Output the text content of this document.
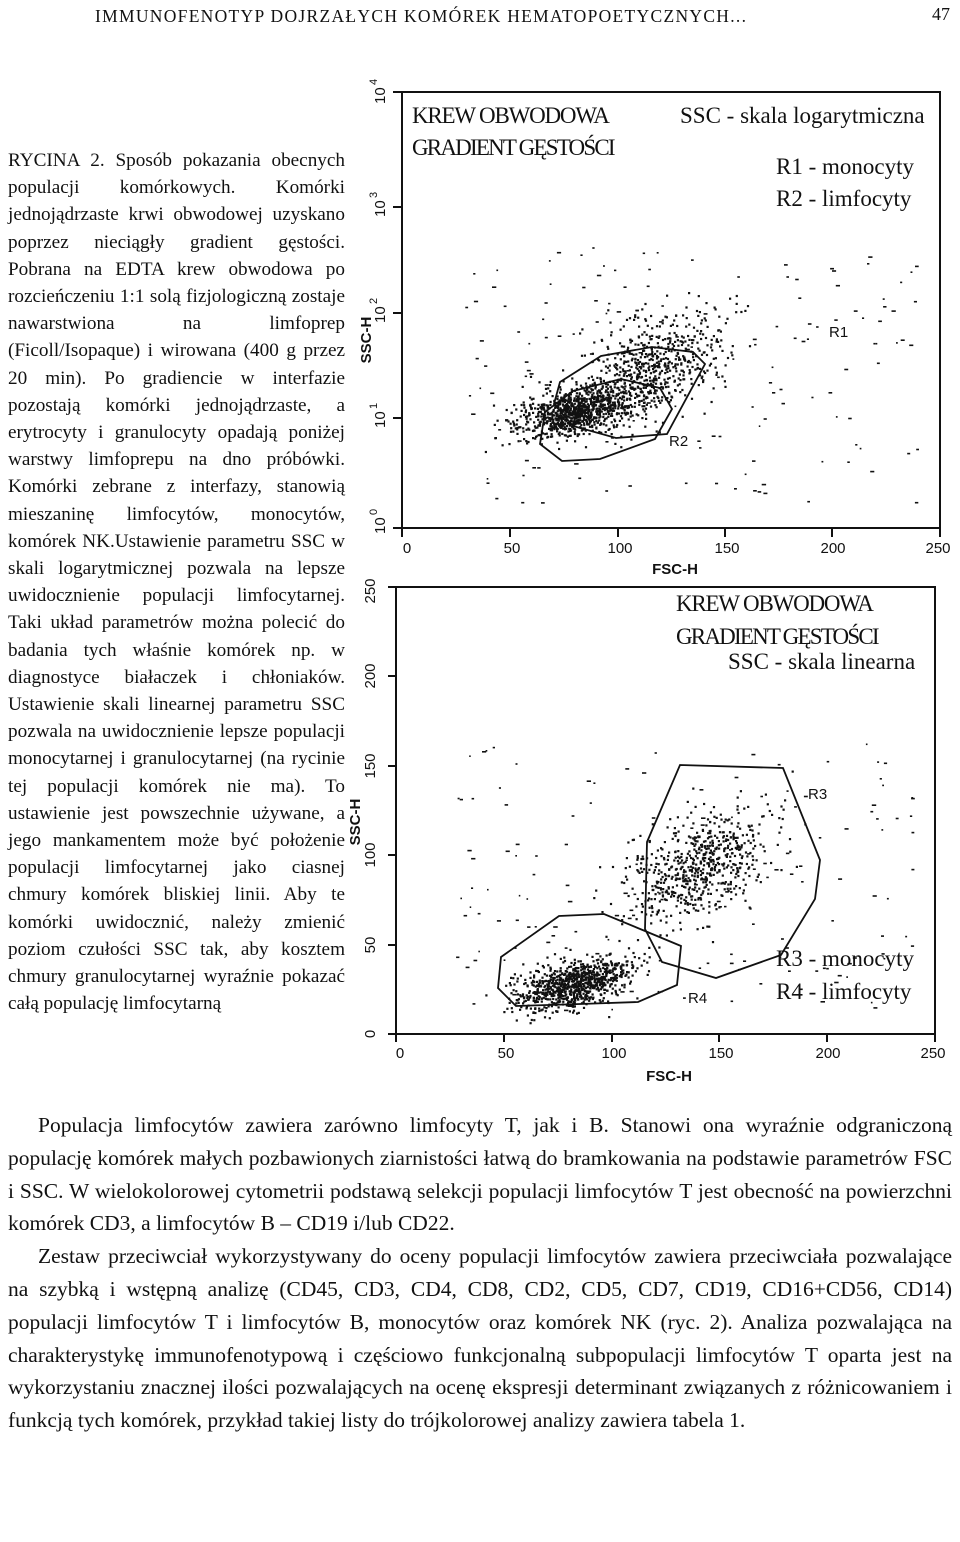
IMMUNOFENOTYP DOJRZAŁYCH KOMÓREK HEMATOPOETYCZNYCH...	47
RYCINA 2. Sposób pokazania obecnych populacji komórkowych. Komórki jednojądrzaste krwi obwodowej uzyskano poprzez nieciągły gradient gęstości. Pobrana na EDTA krew obwodowa po rozcieńczeniu 1:1 solą fizjologiczną zostaje nawarstwiona na limfoprep (Ficoll/Isopaque) i wirowana (400 g przez 20 min). Po gradiencie w interfazie pozostają komórki jednojądrzaste, a erytrocyty i granulocyty opadają poniżej warstwy limfoprepu na dno próbówki. Komórki zebrane z interfazy, stanowią mieszaninę limfocytów, monocytów, komórek NK.Ustawienie parametru SSC w skali logarytmicznej pozwala na lepsze uwidocznienie populacji limfocytarnej. Taki układ parametrów można polecić do badania tych właśnie komórek np. w diagnostyce białaczek i chłoniaków. Ustawienie skali linearnej parametru SSC pozwala na uwidocznienie lepsze populacji monocytarnej i granulocytarnej (na rycinie tej populacji komórek nie ma). To ustawienie jest powszechnie używane, a jego mankamentem może być położenie populacji limfocytarnej jako ciasnej chmury komórek bliskiej linii. Aby te komórki uwidocznić, należy zmienić poziom czułości SSC tak, aby kosztem chmury granulocytarnej wyraźnie pokazać całą populację limfocytarną
10
0
10
1
10
2
10
3
10
4
SSC-H
0	50	100	150	200	250
FSC-H
R1
R2
KREW OBWODOWA
GRADIENT GĘSTOŚCI
SSC - skala logarytmiczna
R1 - monocyty
R2 - limfocyty
0
50
100
150
200
250
SSC-H
0	50	100	150	200	250
FSC-H
R3
R4
KREW OBWODOWA
GRADIENT GĘSTOŚCI
SSC - skala linearna
R3 - monocyty
R4 - limfocyty

Populacja limfocytów zawiera zarówno limfocyty T, jak i B. Stanowi ona wyraźnie odgraniczoną populację komórek małych pozbawionych ziarnistości łatwą do bramkowania na podstawie parametrów FSC i SSC. W wielokolorowej cytometrii podstawą selekcji populacji limfocytów T jest obecność na powierzchni komórek CD3, a limfocytów B – CD19 i/lub CD22.

Zestaw przeciwciał wykorzystywany do oceny populacji limfocytów zawiera przeciwciała pozwalające na szybką i wstępną analizę (CD45, CD3, CD4, CD8, CD2, CD5, CD7, CD19, CD16+CD56, CD14) populacji limfocytów T i limfocytów B, monocytów oraz komórek NK (ryc. 2). Analiza pozwalająca na charakterystykę immunofenotypową i częściowo funkcjonalną subpopulacji limfocytów T oparta jest na wykorzystaniu znacznej ilości pozwalających na ocenę ekspresji determinant związanych z różnicowaniem i funkcją tych komórek, przykład takiej listy do trójkolorowej analizy zawiera tabela 1.
